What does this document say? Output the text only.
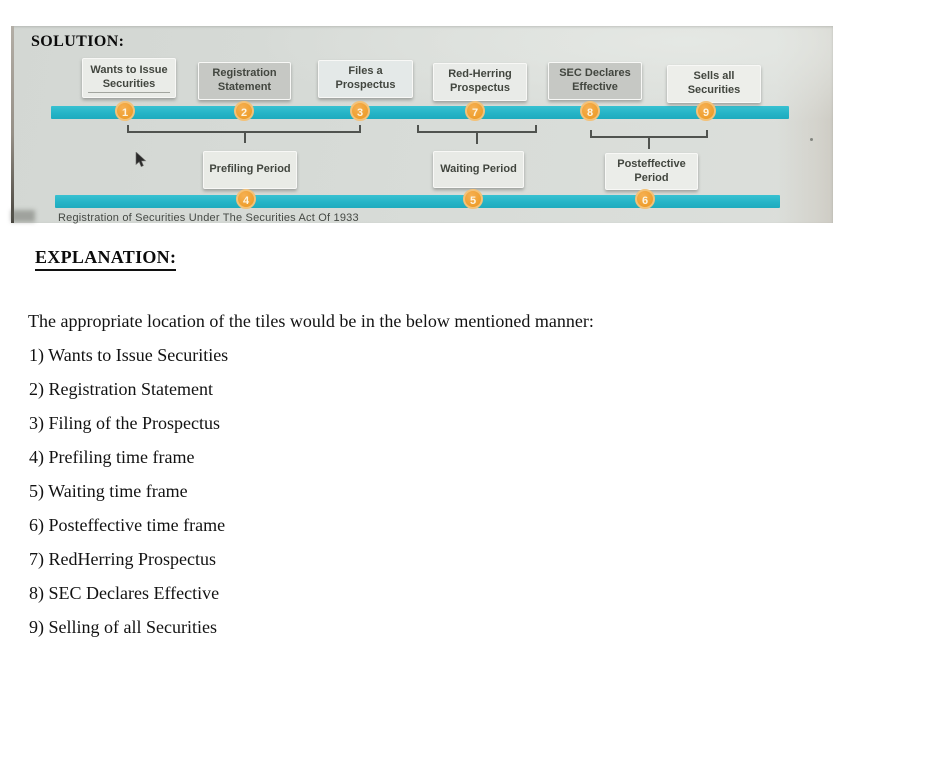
SOLUTION:
Wants to Issue Securities
Registration Statement
Files a Prospectus
Red-Herring Prospectus
SEC Declares Effective
Sells all Securities
1	2	3	7	8	9
Prefiling Period	Waiting Period	Posteffective Period
4	5	6
Registration of Securities Under The Securities Act Of 1933
EXPLANATION:
The appropriate location of the tiles would be in the below mentioned manner:
1) Wants to Issue Securities
2) Registration Statement
3) Filing of the Prospectus
4) Prefiling time frame
5) Waiting time frame
6) Posteffective time frame
7) RedHerring Prospectus
8) SEC Declares Effective
9) Selling of all Securities
